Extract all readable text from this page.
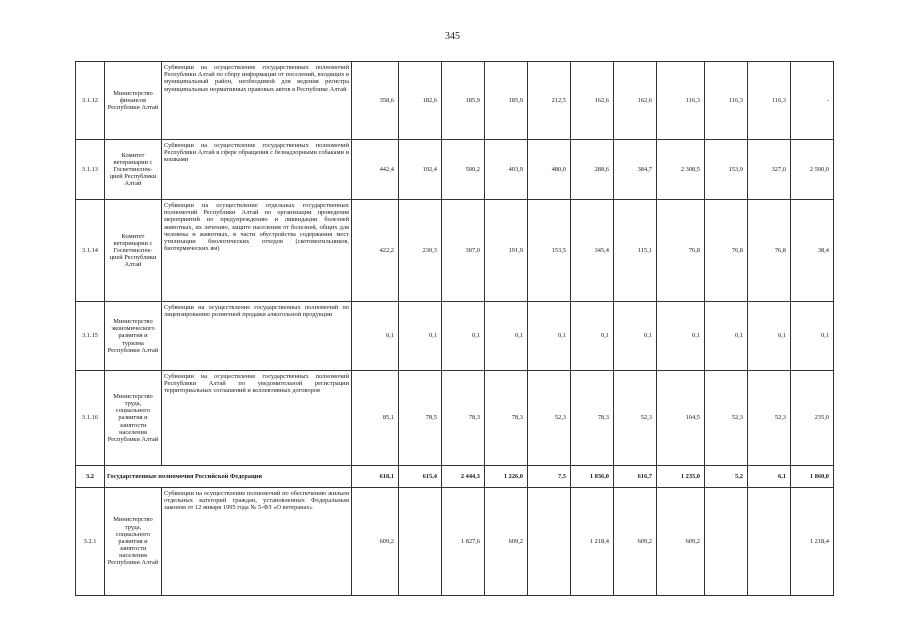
345
3.1.12	Министерство финансов Республики Алтай	Субвенции на осуществление государственных полномочий Республики Алтай по сбору информации от поселений, входящих в муниципальный район, необходимой для ведения регистра муниципальных нормативных правовых актов в Республике Алтай	358,6	182,6	185,9	185,9	212,5	162,6	162,6	116,3	116,3	116,3	-
3.1.13	Комитет ветеринарии с Госветинспек-цией Республики Алтай	Субвенции на осуществление государственных полномочий Республики Алтай в сфере обращения с безнадзорными собаками и кошками	442,4	192,4	500,2	403,9	480,0	288,6	384,7	2 308,5	153,9	327,0	2 500,0
3.1.14	Комитет ветеринарии с Госветинспек-цией Республики Алтай	Субвенции на осуществление отдельных государственных полномочий Республики Алтай по организации проведения мероприятий по предупреждению и ликвидации болезней животных, их лечению, защите населения от болезней, общих для человека и животных, в части обустройства содержания мест утилизации биологических отходов (скотомогильников, биотермических ям)	422,2	230,3	307,0	191,9	153,5	345,4	115,1	76,8	76,8	76,8	38,4
3.1.15	Министерство экономического развития и туризма Республики Алтай	Субвенции на осуществление государственных полномочий по лицензированию розничной продажи алкогольной продукции	0,1	0,1	0,1	0,1	0,1	0,1	0,1	0,1	0,1	0,1	0,1
3.1.16	Министерство труда, социального развития и занятости населения Республики Алтай	Субвенции на осуществление государственных полномочий Республики Алтай по уведомительной регистрации территориальных соглашений и коллективных договоров	85,1	78,5	78,3	78,3	52,3	78,3	52,3	104,5	52,3	52,3	235,0
3.2	Государственные полномочия Российской Федерации		618,1	615,4	2 444,3	1 226,0	7,5	1 836,0	616,7	1 235,0	5,2	6,1	1 860,0
3.2.1	Министерство труда, социального развития и занятости населения Республики Алтай	Субвенции на осуществление полномочий по обеспечению жильем отдельных категорий граждан, установленных Федеральным законом от 12 января 1995 года № 5-ФЗ «О ветеранах»	609,2		1 827,6	609,2		1 218,4	609,2	609,2			1 218,4
